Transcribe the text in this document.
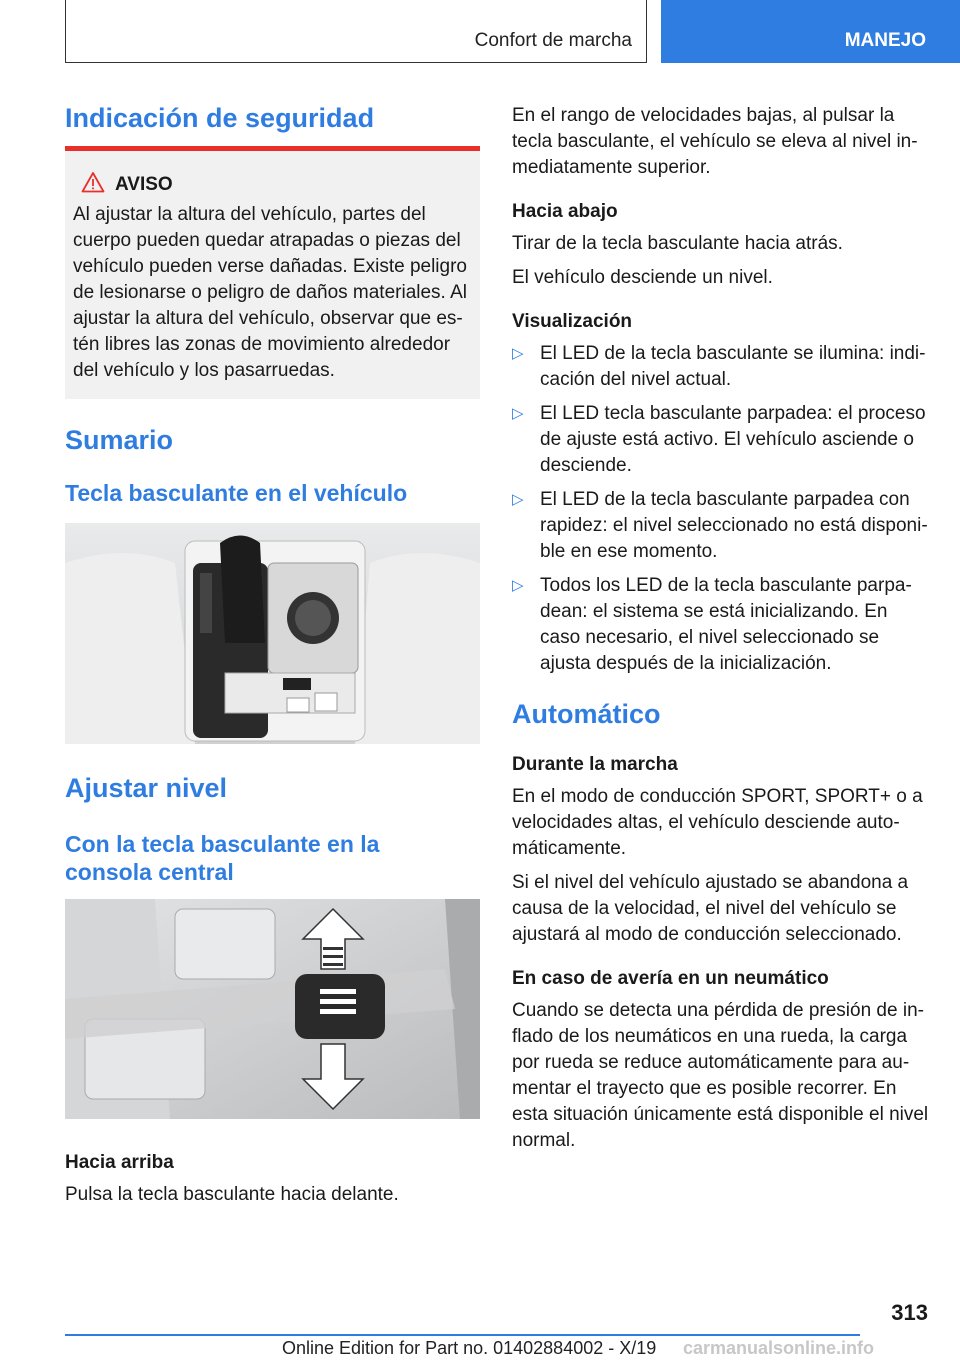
Confort de marcha	MANEJO
Indicación de seguridad
AVISO

Al ajustar la altura del vehículo, partes del cuerpo pueden quedar atrapadas o piezas del vehículo pueden verse dañadas. Existe peligro de lesionarse o peligro de daños materiales. Al ajustar la altura del vehículo, observar que estén libres las zonas de movimiento alrededor del vehículo y los pasarruedas.

Sumario
Tecla basculante en el vehículo
Ajustar nivel
Con la tecla basculante en la consola central

Hacia arriba

Pulsa la tecla basculante hacia delante.

En el rango de velocidades bajas, al pulsar la tecla basculante, el vehículo se eleva al nivel inmediatamente superior.

Hacia abajo

Tirar de la tecla basculante hacia atrás.

El vehículo desciende un nivel.

Visualización

▷ El LED de la tecla basculante se ilumina: indicación del nivel actual.
▷ El LED tecla basculante parpadea: el proceso de ajuste está activo. El vehículo asciende o desciende.
▷ El LED de la tecla basculante parpadea con rapidez: el nivel seleccionado no está disponible en ese momento.
▷ Todos los LED de la tecla basculante parpadean: el sistema se está inicializando. En caso necesario, el nivel seleccionado se ajusta después de la inicialización.
Automático

Durante la marcha

En el modo de conducción SPORT, SPORT+ o a velocidades altas, el vehículo desciende automáticamente.

Si el nivel del vehículo ajustado se abandona a causa de la velocidad, el nivel del vehículo se ajustará al modo de conducción seleccionado.

En caso de avería en un neumático

Cuando se detecta una pérdida de presión de inflado de los neumáticos en una rueda, la carga por rueda se reduce automáticamente para aumentar el trayecto que es posible recorrer. En esta situación únicamente está disponible el nivel normal.

313
Online Edition for Part no. 01402884002 - X/19 carmanualsonline.info
